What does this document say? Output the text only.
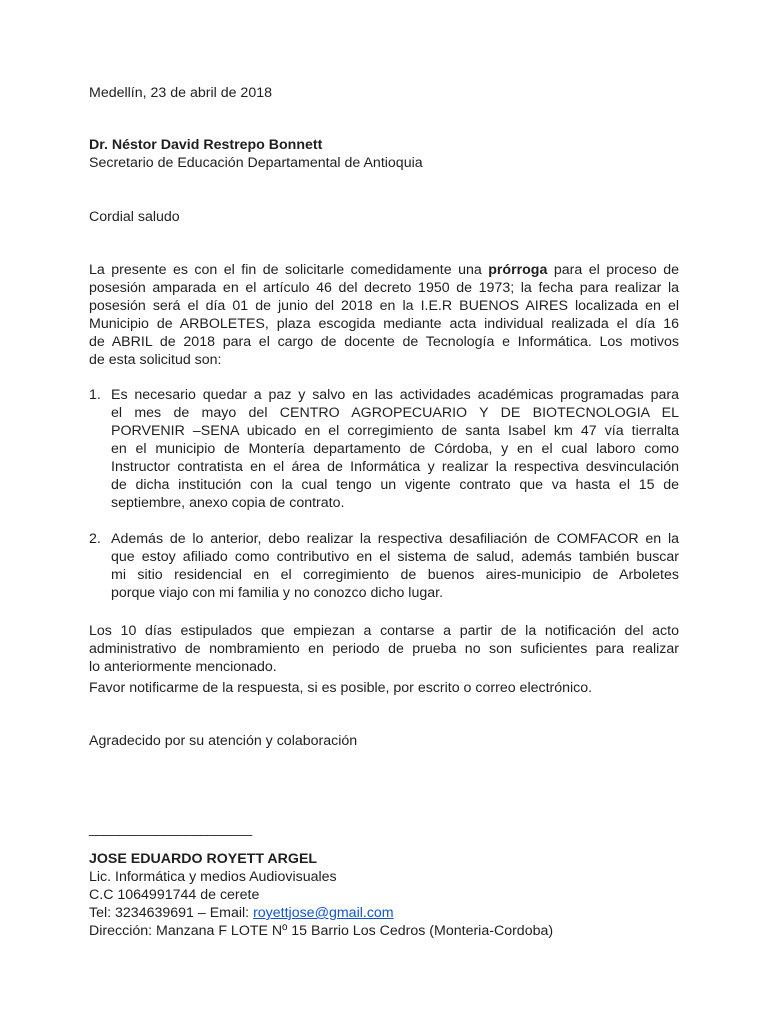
Medellín, 23 de abril de 2018
Dr. Néstor David Restrepo Bonnett
Secretario de Educación Departamental de Antioquia
Cordial saludo
La presente es con el fin de solicitarle comedidamente una prórroga para el proceso de
posesión amparada en el artículo 46 del decreto 1950 de 1973; la fecha para realizar la
posesión será el día 01 de junio del 2018 en la I.E.R BUENOS AIRES localizada en el
Municipio de ARBOLETES, plaza escogida mediante acta individual realizada el día 16
de ABRIL de 2018 para el cargo de docente de Tecnología e Informática. Los motivos
de esta solicitud son:
1. Es necesario quedar a paz y salvo en las actividades académicas programadas para
el mes de mayo del CENTRO AGROPECUARIO Y DE BIOTECNOLOGIA EL
PORVENIR –SENA ubicado en el corregimiento de santa Isabel km 47 vía tierralta
en el municipio de Montería departamento de Córdoba, y en el cual laboro como
Instructor contratista en el área de Informática y realizar la respectiva desvinculación
de dicha institución con la cual tengo un vigente contrato que va hasta el 15 de
septiembre, anexo copia de contrato.
2. Además de lo anterior, debo realizar la respectiva desafiliación de COMFACOR en la
que estoy afiliado como contributivo en el sistema de salud, además también buscar
mi sitio residencial en el corregimiento de buenos aires-municipio de Arboletes
porque viajo con mi familia y no conozco dicho lugar.
Los 10 días estipulados que empiezan a contarse a partir de la notificación del acto
administrativo de nombramiento en periodo de prueba no son suficientes para realizar
lo anteriormente mencionado.
Favor notificarme de la respuesta, si es posible, por escrito o correo electrónico.
Agradecido por su atención y colaboración
______________________
JOSE EDUARDO ROYETT ARGEL
Lic. Informática y medios Audiovisuales
C.C 1064991744 de cerete
Tel: 3234639691 – Email: royettjose@gmail.com
Dirección: Manzana F LOTE Nº 15 Barrio Los Cedros (Monteria-Cordoba)
